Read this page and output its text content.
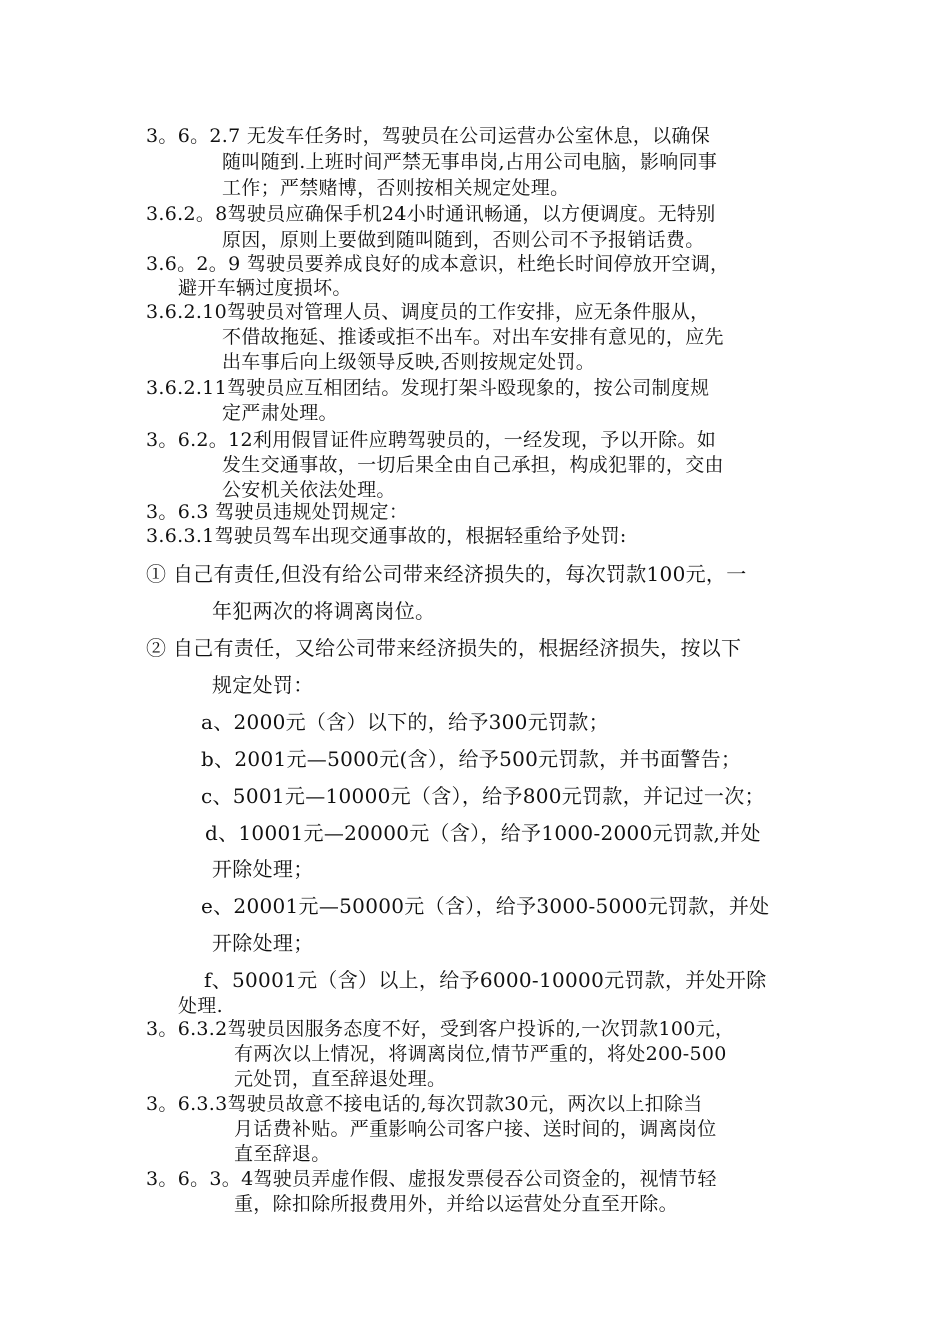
3。6。2.7 无发车任务时，驾驶员在公司运营办公室休息，以确保
随叫随到.上班时间严禁无事串岗,占用公司电脑，影响同事
工作；严禁赌博，否则按相关规定处理。
3.6.2。8驾驶员应确保手机24小时通讯畅通，以方便调度。无特别
原因，原则上要做到随叫随到，否则公司不予报销话费。
3.6。2。9 驾驶员要养成良好的成本意识，杜绝长时间停放开空调，
避开车辆过度损坏。
3.6.2.10驾驶员对管理人员、调度员的工作安排，应无条件服从，
不借故拖延、推诿或拒不出车。对出车安排有意见的，应先
出车事后向上级领导反映,否则按规定处罚。
3.6.2.11驾驶员应互相团结。发现打架斗殴现象的，按公司制度规
定严肃处理。
3。6.2。12利用假冒证件应聘驾驶员的，一经发现，予以开除。如
发生交通事故，一切后果全由自己承担，构成犯罪的，交由
公安机关依法处理。
3。6.3 驾驶员违规处罚规定：
3.6.3.1驾驶员驾车出现交通事故的，根据轻重给予处罚:
① 自己有责任,但没有给公司带来经济损失的，每次罚款100元，一
年犯两次的将调离岗位。
② 自己有责任，又给公司带来经济损失的，根据经济损失，按以下
规定处罚：
a、2000元（含）以下的，给予300元罚款；
b、2001元—5000元(含），给予500元罚款，并书面警告；
c、5001元—10000元（含），给予800元罚款，并记过一次；
d、10001元—20000元（含），给予1000-2000元罚款,并处
开除处理；
e、20001元—50000元（含），给予3000-5000元罚款，并处
开除处理；
f、50001元（含）以上，给予6000-10000元罚款，并处开除
处理.
3。6.3.2驾驶员因服务态度不好，受到客户投诉的,一次罚款100元，
有两次以上情况，将调离岗位,情节严重的，将处200-500
元处罚，直至辞退处理。
3。6.3.3驾驶员故意不接电话的,每次罚款30元，两次以上扣除当
月话费补贴。严重影响公司客户接、送时间的，调离岗位
直至辞退。
3。6。3。4驾驶员弄虚作假、虚报发票侵吞公司资金的，视情节轻
重，除扣除所报费用外，并给以运营处分直至开除。
